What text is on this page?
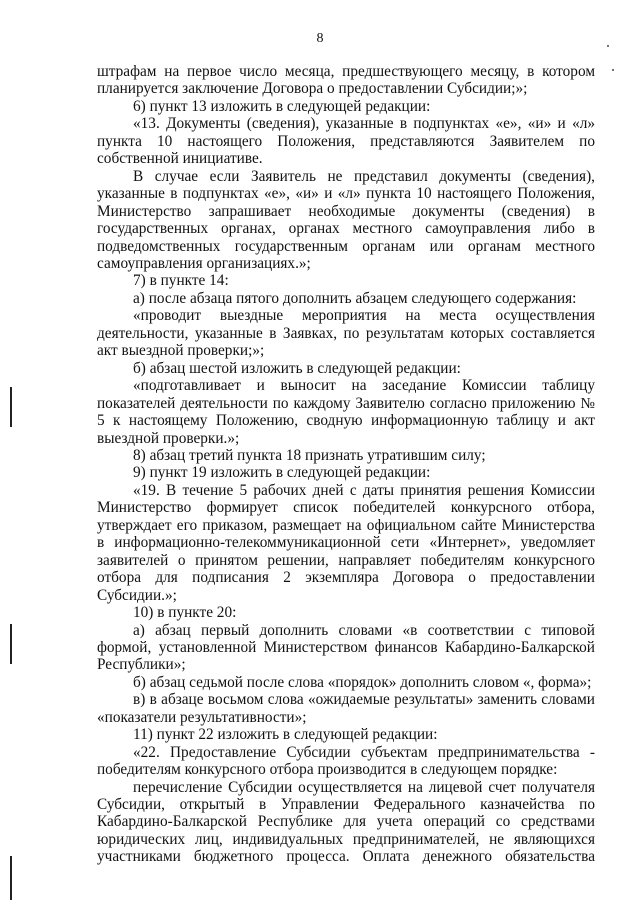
8

штрафам на первое число месяца, предшествующего месяцу, в котором планируется заключение Договора о предоставлении Субсидии;»;

6) пункт 13 изложить в следующей редакции:

«13. Документы (сведения), указанные в подпунктах «е», «и» и «л» пункта 10 настоящего Положения, представляются Заявителем по собственной инициативе.

В случае если Заявитель не представил документы (сведения), указанные в подпунктах «е», «и» и «л» пункта 10 настоящего Положения, Министерство запрашивает необходимые документы (сведения) в государственных органах, органах местного самоуправления либо в подведомственных государственным органам или органам местного самоуправления организациях.»;

7) в пункте 14:

а) после абзаца пятого дополнить абзацем следующего содержания:

«проводит выездные мероприятия на места осуществления деятельности, указанные в Заявках, по результатам которых составляется акт выездной проверки;»;

б) абзац шестой изложить в следующей редакции:

«подготавливает и выносит на заседание Комиссии таблицу показателей деятельности по каждому Заявителю согласно приложению № 5 к настоящему Положению, сводную информационную таблицу и акт выездной проверки.»;

8) абзац третий пункта 18 признать утратившим силу;

9) пункт 19 изложить в следующей редакции:

«19. В течение 5 рабочих дней с даты принятия решения Комиссии Министерство формирует список победителей конкурсного отбора, утверждает его приказом, размещает на официальном сайте Министерства в информационно-телекоммуникационной сети «Интернет», уведомляет заявителей о принятом решении, направляет победителям конкурсного отбора для подписания 2 экземпляра Договора о предоставлении Субсидии.»;

10) в пункте 20:

а) абзац первый дополнить словами «в соответствии с типовой формой, установленной Министерством финансов Кабардино-Балкарской Республики»;

б) абзац седьмой после слова «порядок» дополнить словом «, форма»;

в) в абзаце восьмом слова «ожидаемые результаты» заменить словами «показатели результативности»;

11) пункт 22 изложить в следующей редакции:

«22. Предоставление Субсидии субъектам предпринимательства - победителям конкурсного отбора производится в следующем порядке:

перечисление Субсидии осуществляется на лицевой счет получателя Субсидии, открытый в Управлении Федерального казначейства по Кабардино-Балкарской Республике для учета операций со средствами юридических лиц, индивидуальных предпринимателей, не являющихся участниками бюджетного процесса. Оплата денежного обязательства
